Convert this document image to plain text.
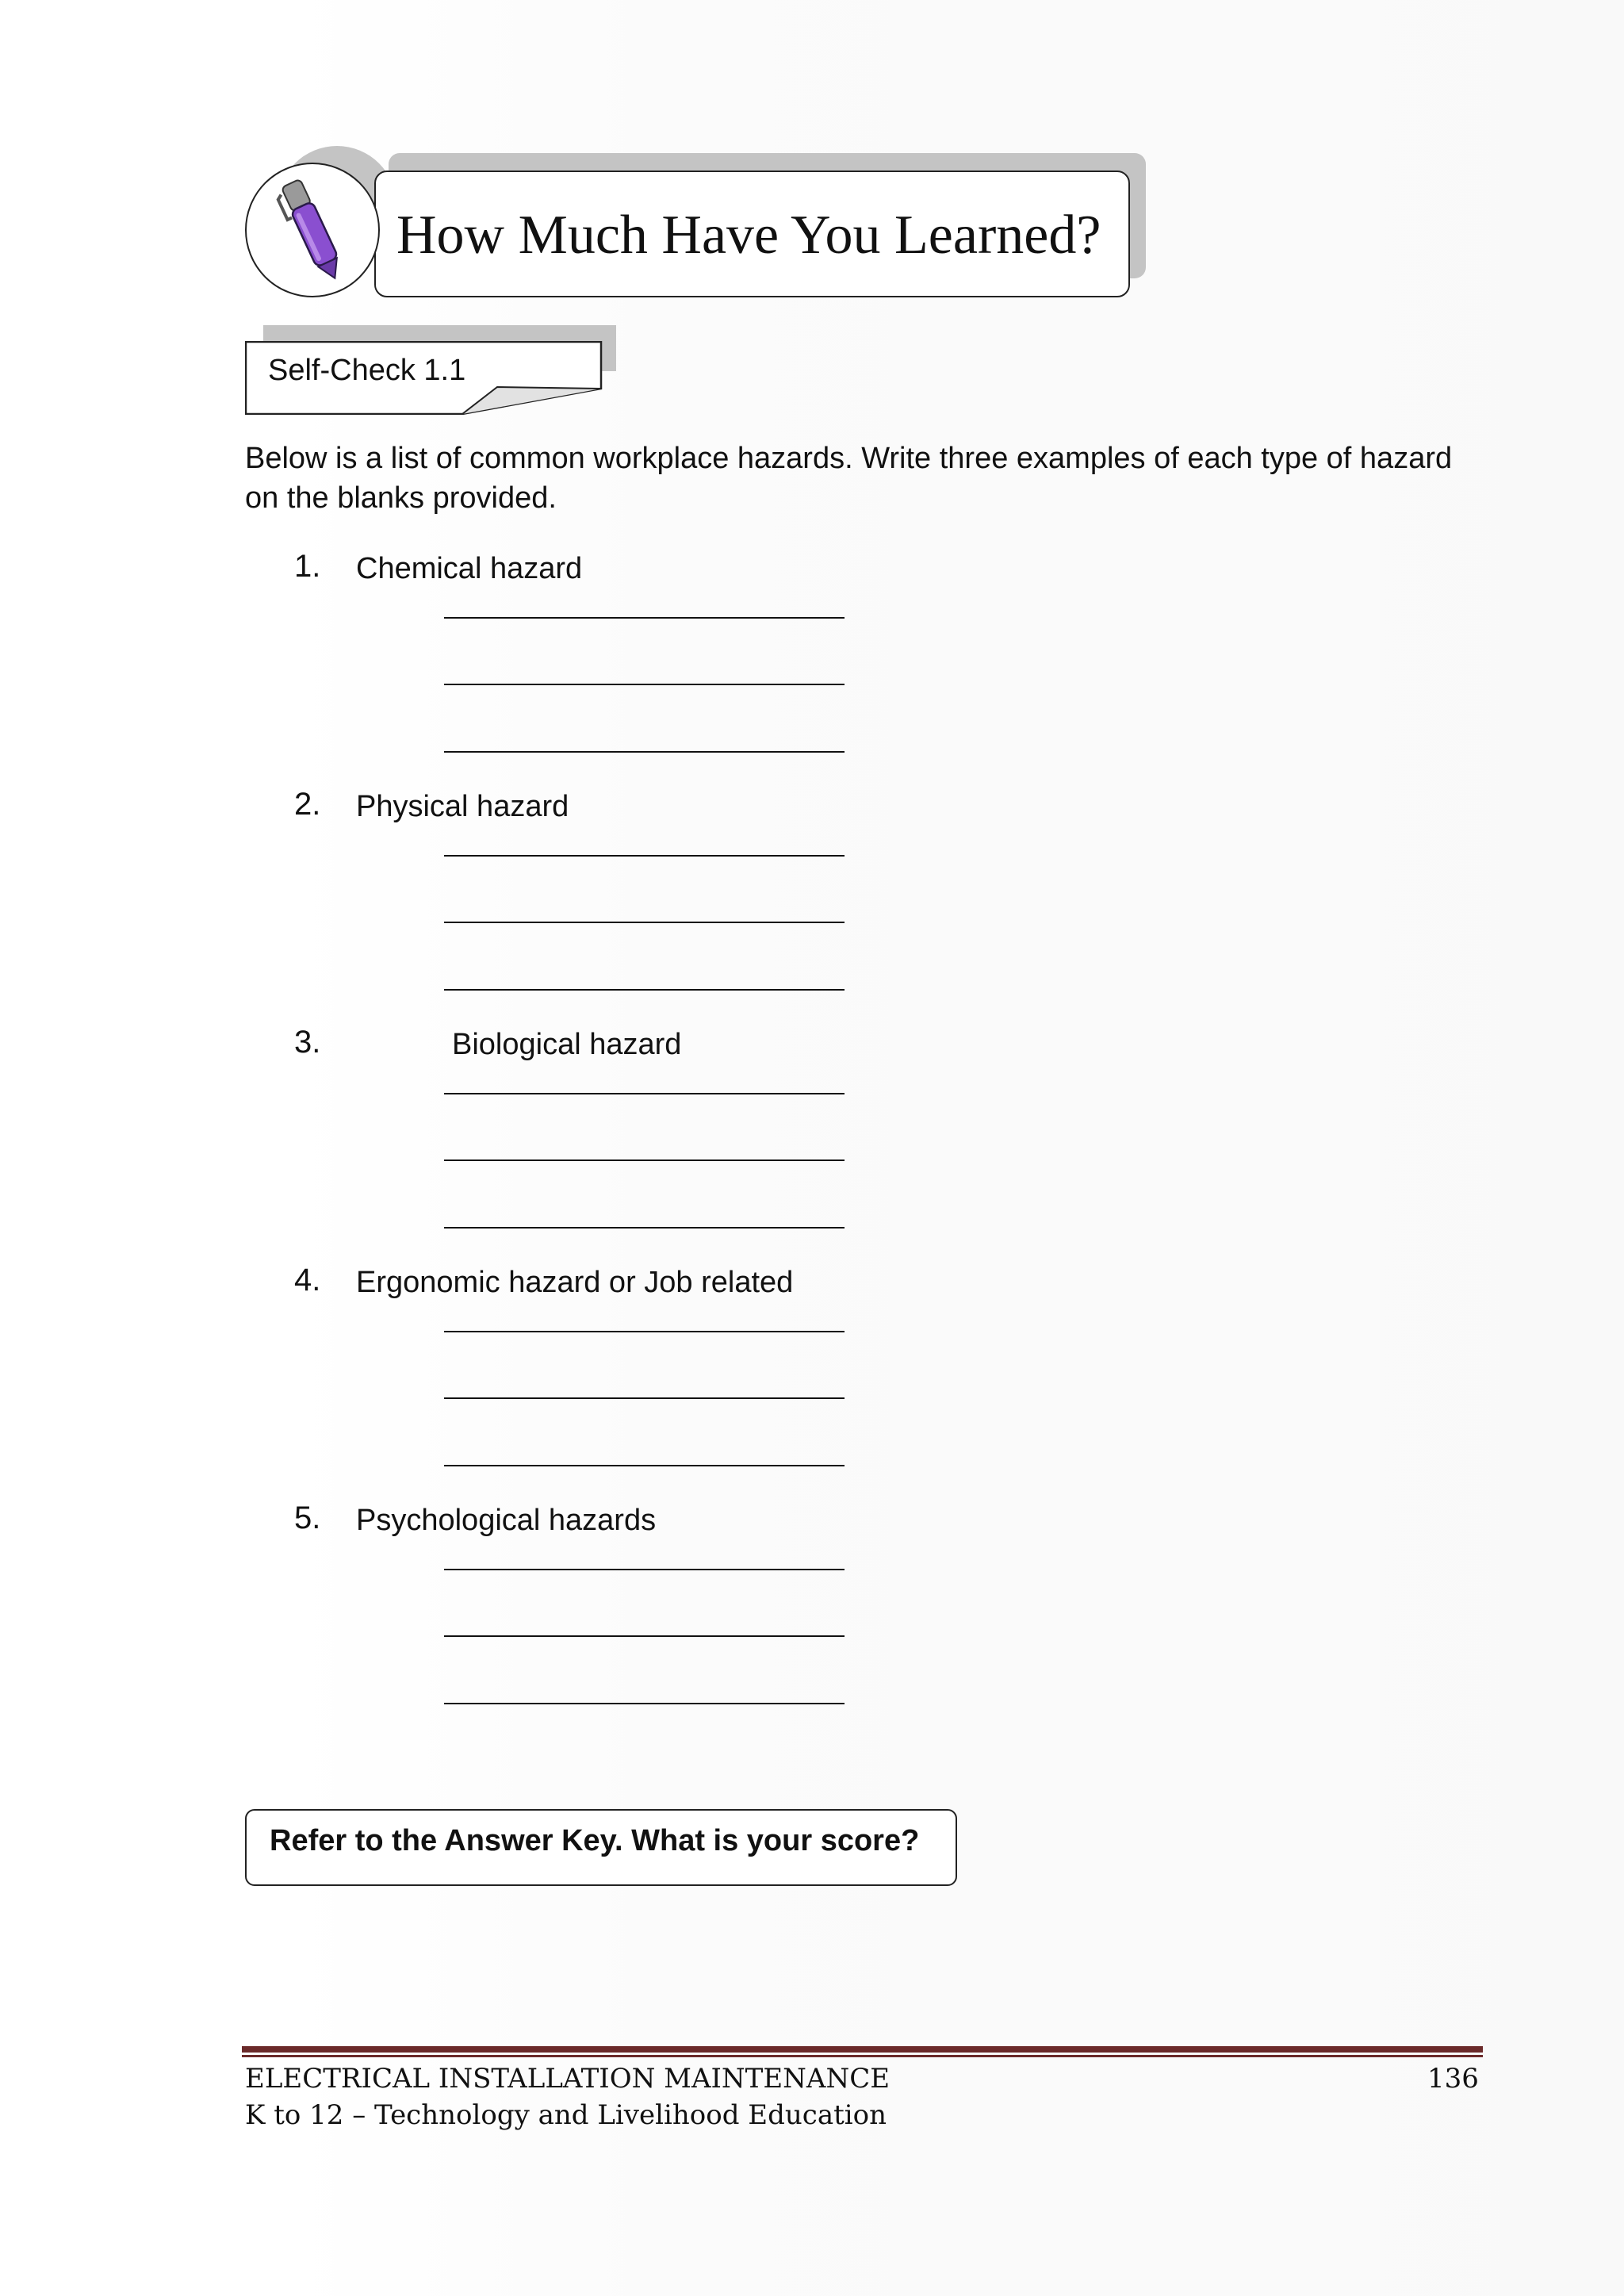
How Much Have You Learned?
Self-Check 1.1
Below is a list of common workplace hazards. Write three examples of each type of hazard on the blanks provided.
1. Chemical hazard
2. Physical hazard
3.	Biological hazard
4. Ergonomic hazard or Job related
5. Psychological hazards
Refer to the Answer Key. What is your score?
ELECTRICAL INSTALLATION MAINTENANCE
K to 12 – Technology and Livelihood Education
136
